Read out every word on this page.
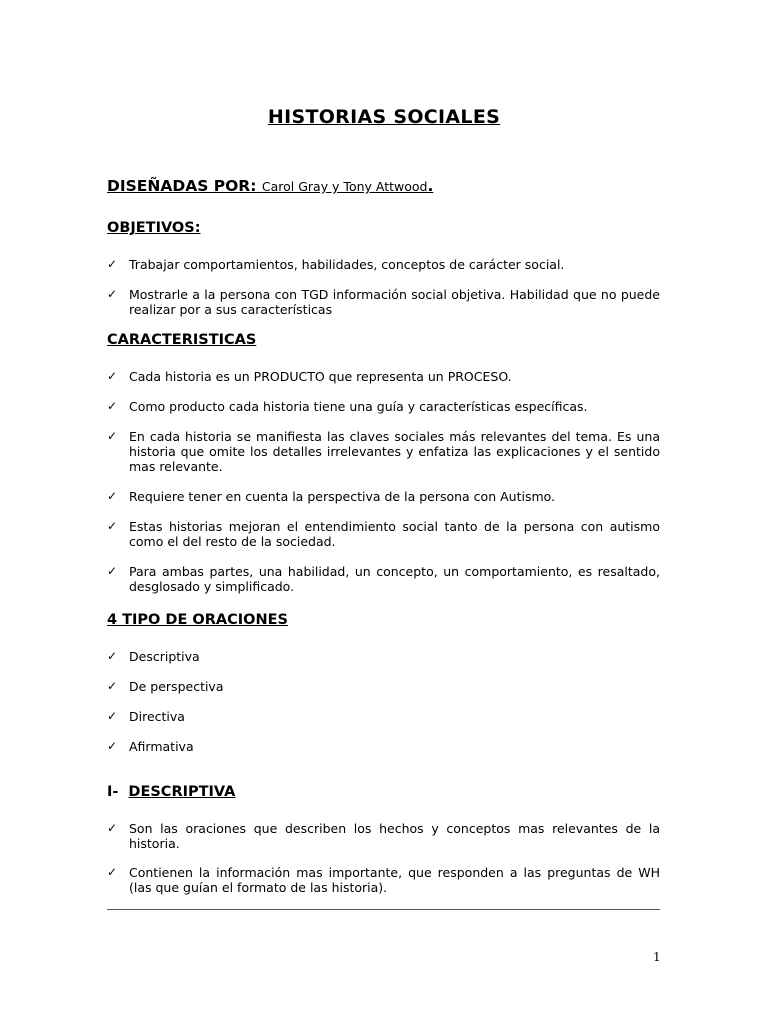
HISTORIAS SOCIALES
DISEÑADAS POR: Carol Gray y Tony Attwood.
OBJETIVOS:
✓ Trabajar comportamientos, habilidades, conceptos de carácter social.
✓ Mostrarle a la persona con TGD información social objetiva. Habilidad que no puede realizar por a sus características
CARACTERISTICAS
✓ Cada historia es un PRODUCTO que representa un PROCESO.
✓ Como producto cada historia tiene una guía y características específicas.
✓ En cada historia se manifiesta las claves sociales más relevantes del tema. Es una historia que omite los detalles irrelevantes y enfatiza las explicaciones y el sentido mas relevante.
✓ Requiere tener en cuenta la perspectiva de la persona con Autismo.
✓ Estas historias mejoran el entendimiento social tanto de la persona con autismo como el del resto de la sociedad.
✓ Para ambas partes, una habilidad, un concepto, un comportamiento, es resaltado, desglosado y simplificado.
4 TIPO DE ORACIONES
✓ Descriptiva
✓ De perspectiva
✓ Directiva
✓ Afirmativa
I- DESCRIPTIVA
✓ Son las oraciones que describen los hechos y conceptos mas relevantes de la historia.
✓ Contienen la información mas importante, que responden a las preguntas de WH (las que guían el formato de las historia).
1
